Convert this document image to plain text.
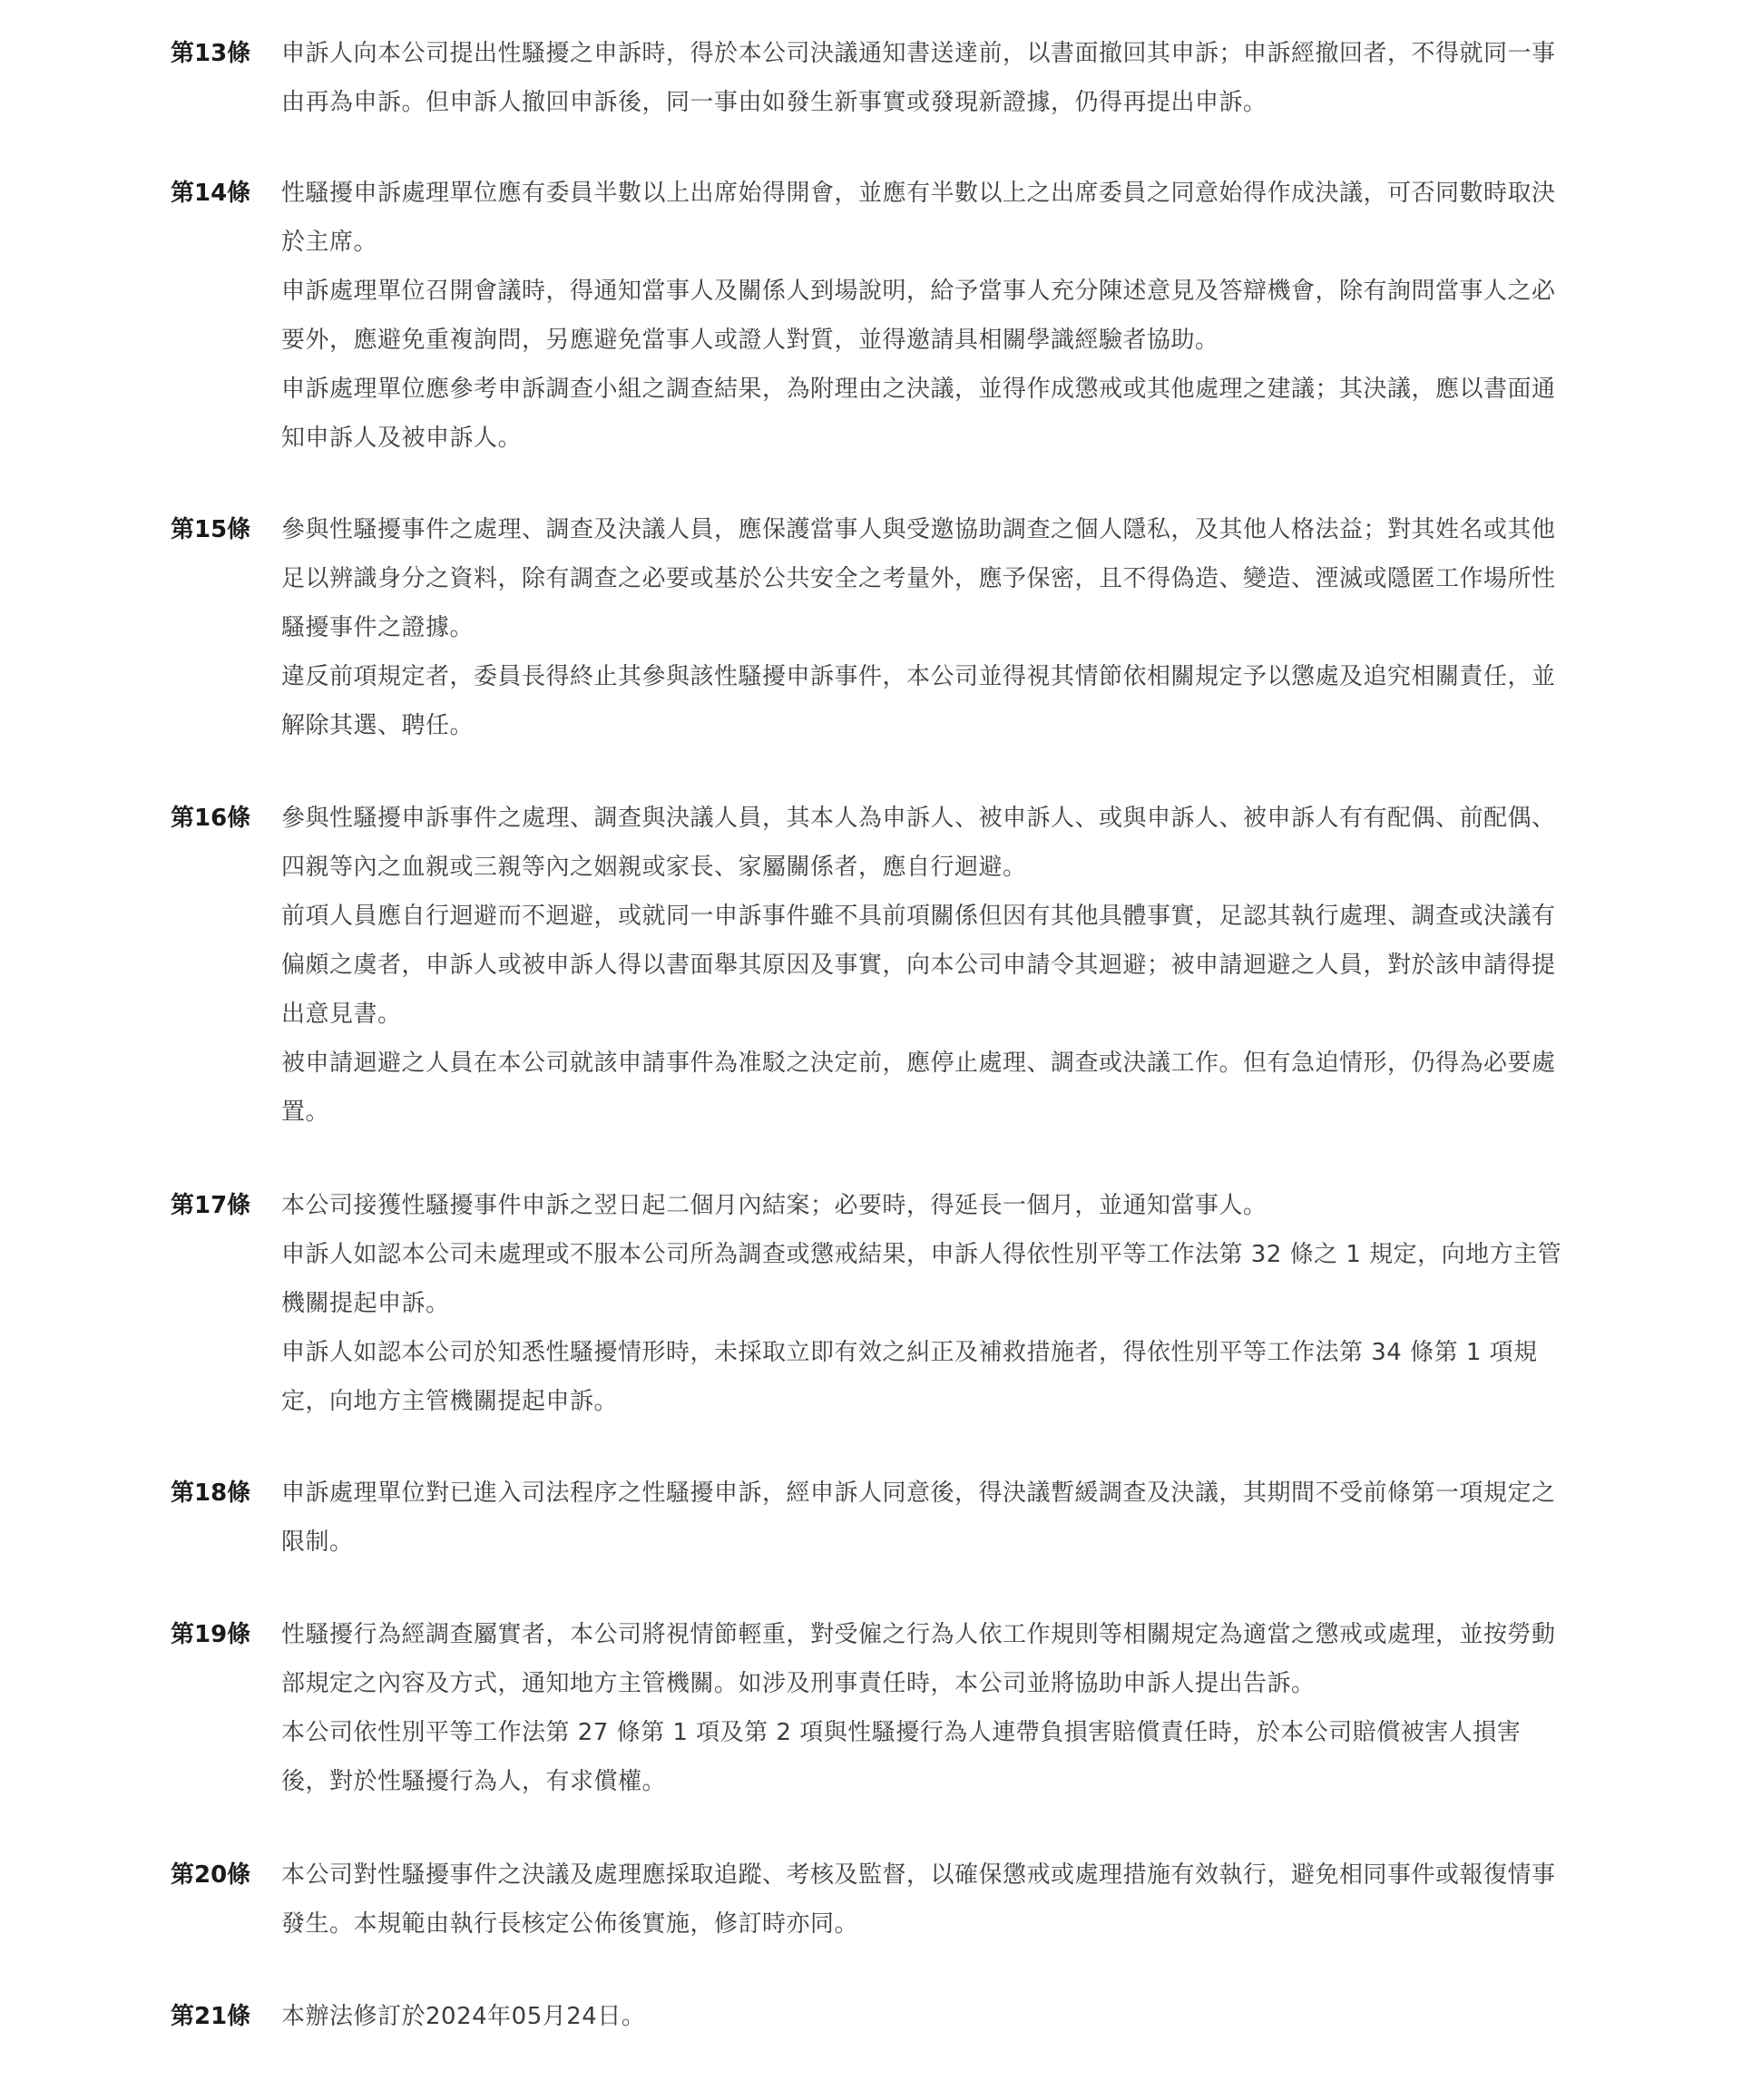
第13條	申訴人向本公司提出性騷擾之申訴時，得於本公司決議通知書送達前，以書面撤回其申訴；申訴經撤回者，不得就同一事由再為申訴。但申訴人撤回申訴後，同一事由如發生新事實或發現新證據，仍得再提出申訴。

第14條	性騷擾申訴處理單位應有委員半數以上出席始得開會，並應有半數以上之出席委員之同意始得作成決議，可否同數時取決於主席。

申訴處理單位召開會議時，得通知當事人及關係人到場說明，給予當事人充分陳述意見及答辯機會，除有詢問當事人之必要外，應避免重複詢問，另應避免當事人或證人對質，並得邀請具相關學識經驗者協助。

申訴處理單位應參考申訴調查小組之調查結果，為附理由之決議，並得作成懲戒或其他處理之建議；其決議，應以書面通知申訴人及被申訴人。

第15條	參與性騷擾事件之處理、調查及決議人員，應保護當事人與受邀協助調查之個人隱私，及其他人格法益；對其姓名或其他足以辨識身分之資料，除有調查之必要或基於公共安全之考量外，應予保密，且不得偽造、變造、湮滅或隱匿工作場所性騷擾事件之證據。

違反前項規定者，委員長得終止其參與該性騷擾申訴事件，本公司並得視其情節依相關規定予以懲處及追究相關責任，並解除其選、聘任。

第16條	參與性騷擾申訴事件之處理、調查與決議人員，其本人為申訴人、被申訴人、或與申訴人、被申訴人有有配偶、前配偶、四親等內之血親或三親等內之姻親或家長、家屬關係者，應自行迴避。

前項人員應自行迴避而不迴避，或就同一申訴事件雖不具前項關係但因有其他具體事實，足認其執行處理、調查或決議有偏頗之虞者，申訴人或被申訴人得以書面舉其原因及事實，向本公司申請令其迴避；被申請迴避之人員，對於該申請得提出意見書。

被申請迴避之人員在本公司就該申請事件為准駁之決定前，應停止處理、調查或決議工作。但有急迫情形，仍得為必要處置。

第17條	本公司接獲性騷擾事件申訴之翌日起二個月內結案；必要時，得延長一個月，並通知當事人。

申訴人如認本公司未處理或不服本公司所為調查或懲戒結果，申訴人得依性別平等工作法第 32 條之 1 規定，向地方主管機關提起申訴。

申訴人如認本公司於知悉性騷擾情形時，未採取立即有效之糾正及補救措施者，得依性別平等工作法第 34 條第 1 項規定，向地方主管機關提起申訴。

第18條	申訴處理單位對已進入司法程序之性騷擾申訴，經申訴人同意後，得決議暫緩調查及決議，其期間不受前條第一項規定之限制。

第19條	性騷擾行為經調查屬實者，本公司將視情節輕重，對受僱之行為人依工作規則等相關規定為適當之懲戒或處理，並按勞動部規定之內容及方式，通知地方主管機關。如涉及刑事責任時，本公司並將協助申訴人提出告訴。

本公司依性別平等工作法第 27 條第 1 項及第 2 項與性騷擾行為人連帶負損害賠償責任時，於本公司賠償被害人損害後，對於性騷擾行為人，有求償權。

第20條	本公司對性騷擾事件之決議及處理應採取追蹤、考核及監督，以確保懲戒或處理措施有效執行，避免相同事件或報復情事發生。本規範由執行長核定公佈後實施，修訂時亦同。

第21條	本辦法修訂於2024年05月24日。
